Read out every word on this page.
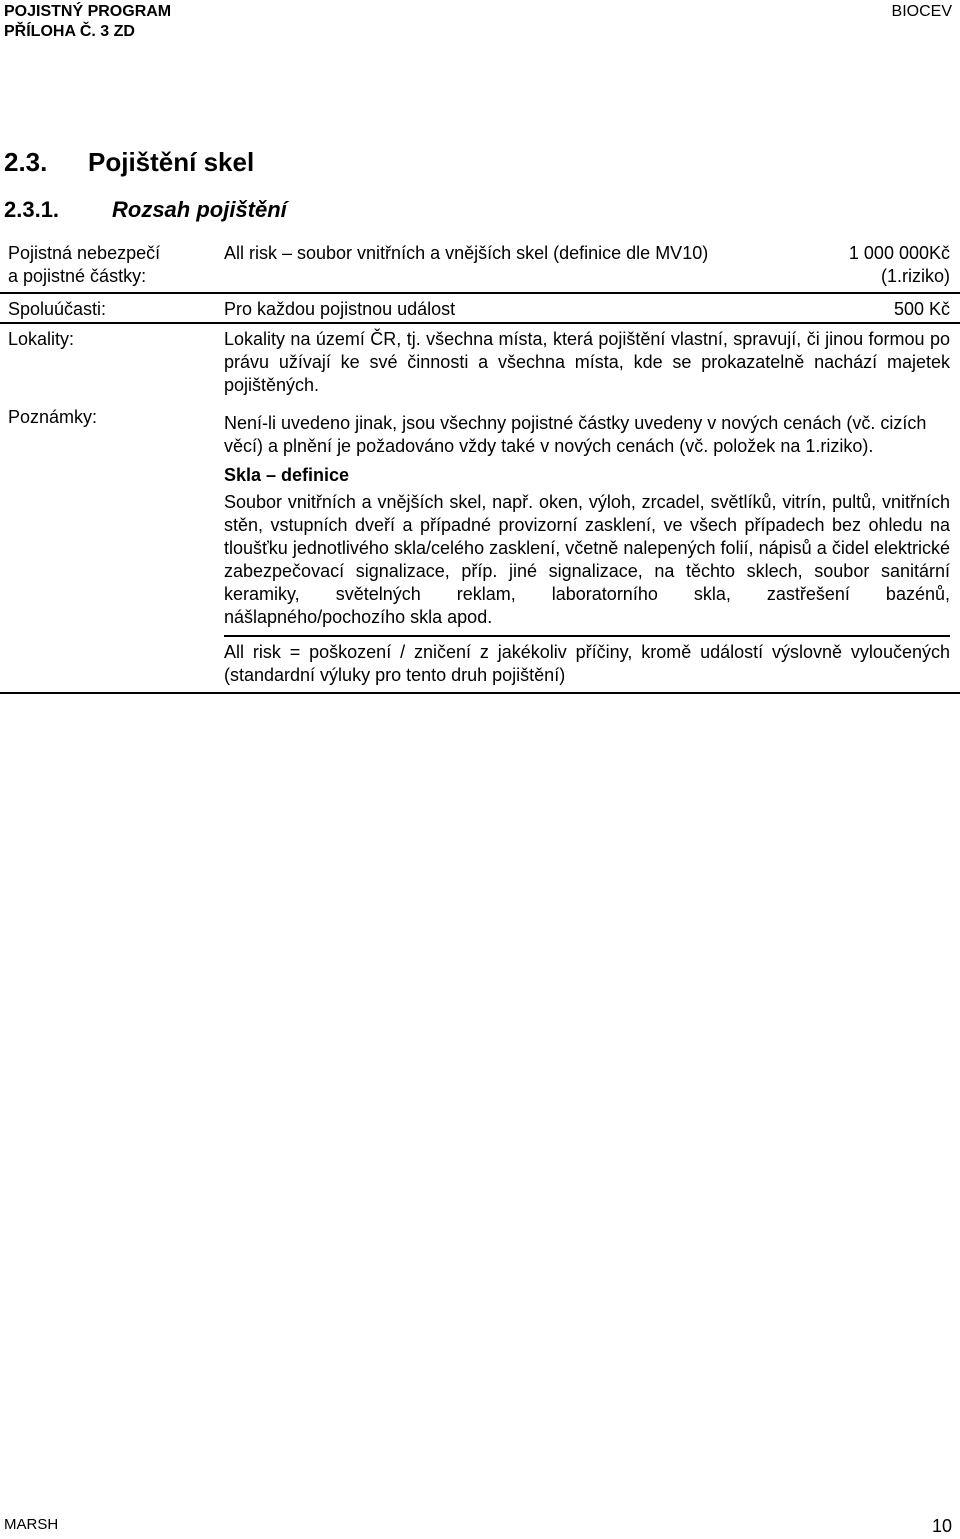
POJISTNÝ PROGRAM
PŘÍLOHA Č. 3 ZD
BIOCEV
2.3. Pojištění skel
2.3.1. Rozsah pojištění
Pojistná nebezpečí
a pojistné částky:
All risk – soubor vnitřních a vnějších skel (definice dle MV10)	1 000 000Kč
(1.riziko)
Spoluúčasti:	Pro každou pojistnou událost	500 Kč
Lokality:	Lokality na území ČR, tj. všechna místa, která pojištění vlastní, spravují, či jinou formou po právu užívají ke své činnosti a všechna místa, kde se prokazatelně nachází majetek pojištěných.
Poznámky:	Není-li uvedeno jinak, jsou všechny pojistné částky uvedeny v nových cenách (vč. cizích věcí) a plnění je požadováno vždy také v nových cenách (vč. položek na 1.riziko).
Skla – definice
Soubor vnitřních a vnějších skel, např. oken, výloh, zrcadel, světlíků, vitrín, pultů, vnitřních stěn, vstupních dveří a případné provizorní zasklení, ve všech případech bez ohledu na tloušťku jednotlivého skla/celého zasklení, včetně nalepených folií, nápisů a čidel elektrické zabezpečovací signalizace, příp. jiné signalizace, na těchto sklech, soubor sanitární keramiky, světelných reklam, laboratorního skla, zastřešení bazénů, nášlapného/pochozího skla apod.
All risk = poškození / zničení z jakékoliv příčiny, kromě událostí výslovně vyloučených (standardní výluky pro tento druh pojištění)
MARSH	10
